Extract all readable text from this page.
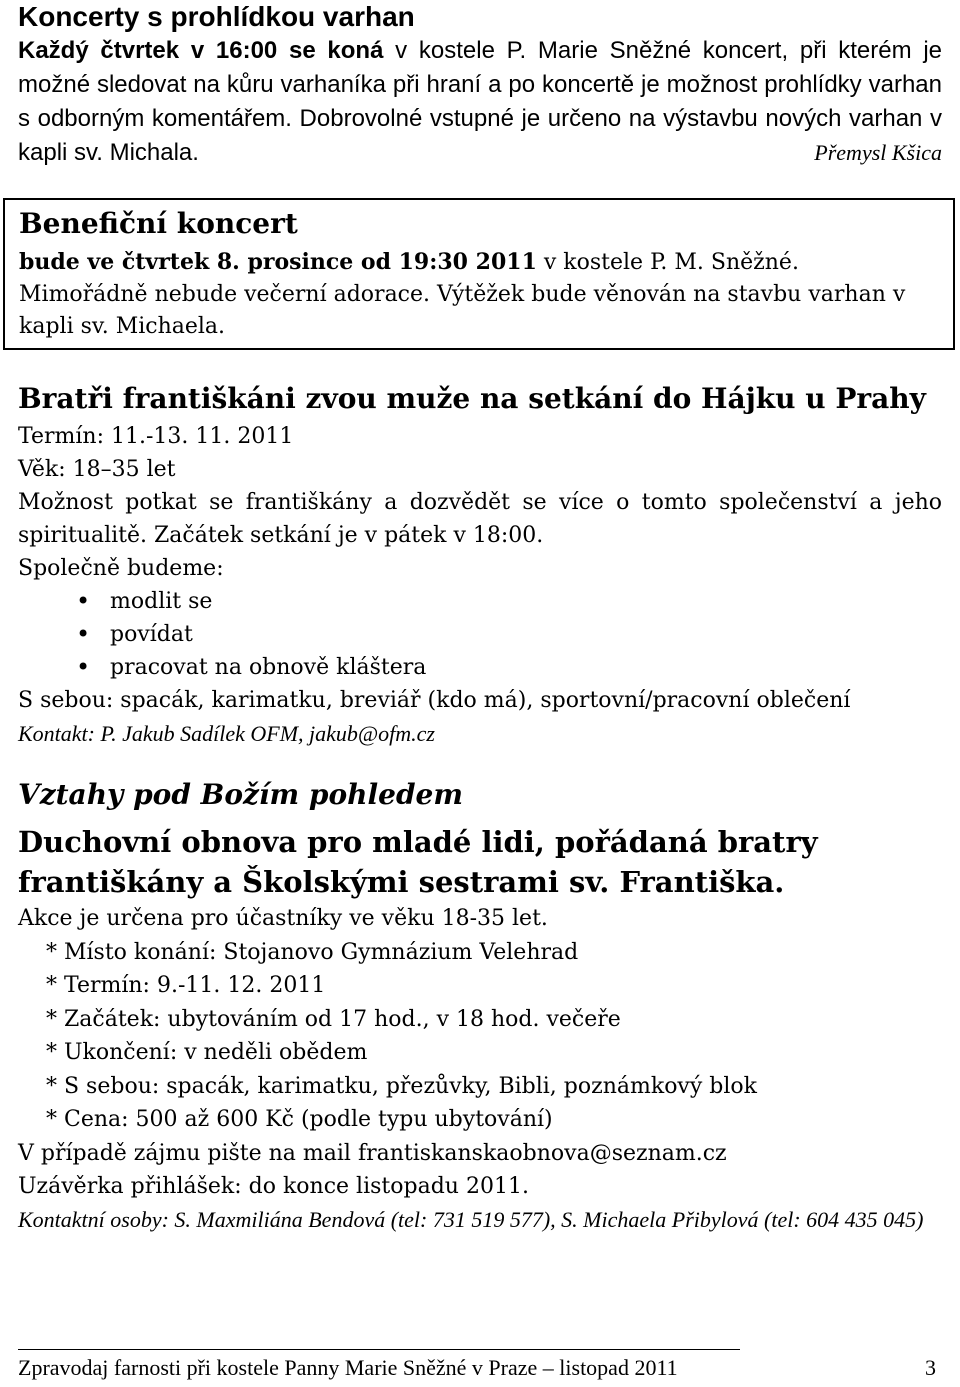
Koncerty s prohlídkou varhan

Každý čtvrtek v 16:00 se koná v kostele P. Marie Sněžné koncert, při kterém je možné sledovat na kůru varhaníka při hraní a po koncertě je možnost prohlídky varhan s odborným komentářem. Dobrovolné vstupné je určeno na výstavbu nových varhan v kapli sv. Michala.	Přemysl Kšica

Benefiční koncert

bude ve čtvrtek 8. prosince od 19:30 2011 v kostele P. M. Sněžné.

Mimořádně nebude večerní adorace. Výtěžek bude věnován na stavbu varhan v kapli sv. Michaela.

Bratři františkáni zvou muže na setkání do Hájku u Prahy

Termín: 11.-13. 11. 2011

Věk: 18–35 let

Možnost potkat se františkány a dozvědět se více o tomto společenství a jeho spiritualitě. Začátek setkání je v pátek v 18:00.

Společně budeme:

• modlit se
• povídat
• pracovat na obnově kláštera

S sebou: spacák, karimatku, breviář (kdo má), sportovní/pracovní oblečení

Kontakt: P. Jakub Sadílek OFM, jakub@ofm.cz

Vztahy pod Božím pohledem
Duchovní obnova pro mladé lidi, pořádaná bratry františkány a Školskými sestrami sv. Františka.

Akce je určena pro účastníky ve věku 18-35 let.

* Místo konání: Stojanovo Gymnázium Velehrad

* Termín: 9.-11. 12. 2011

* Začátek: ubytováním od 17 hod., v 18 hod. večeře

* Ukončení: v neděli obědem

* S sebou: spacák, karimatku, přezůvky, Bibli, poznámkový blok

* Cena: 500 až 600 Kč (podle typu ubytování)

V případě zájmu pište na mail frantiskanskaobnova@seznam.cz

Uzávěrka přihlášek: do konce listopadu 2011.

Kontaktní osoby: S. Maxmiliána Bendová (tel: 731 519 577), S. Michaela Přibylová (tel: 604 435 045)

Zpravodaj farnosti při kostele Panny Marie Sněžné v Praze – listopad 2011	3
